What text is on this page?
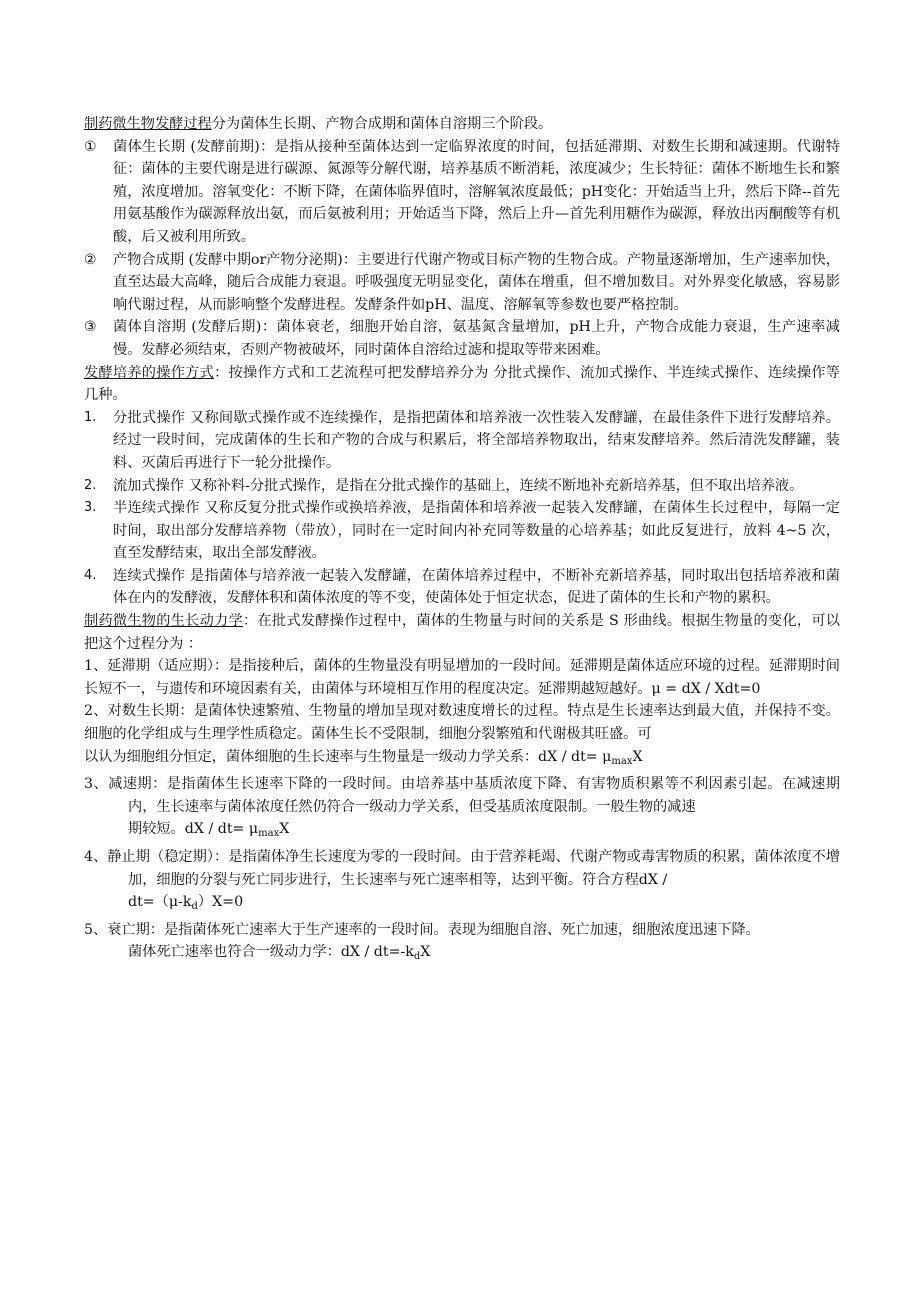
制药微生物发酵过程分为菌体生长期、产物合成期和菌体自溶期三个阶段。

① 菌体生长期 (发酵前期)：是指从接种至菌体达到一定临界浓度的时间，包括延滞期、对数生长期和减速期。代谢特征：菌体的主要代谢是进行碳源、氮源等分解代谢，培养基质不断消耗，浓度减少；生长特征：菌体不断地生长和繁殖，浓度增加。溶氧变化：不断下降，在菌体临界值时，溶解氧浓度最低；pH变化：开始适当上升，然后下降--首先用氨基酸作为碳源释放出氨，而后氨被利用；开始适当下降，然后上升—首先利用糖作为碳源，释放出丙酮酸等有机酸，后又被利用所致。

② 产物合成期 (发酵中期or产物分泌期)：主要进行代谢产物或目标产物的生物合成。产物量逐渐增加，生产速率加快，直至达最大高峰，随后合成能力衰退。呼吸强度无明显变化，菌体在增重，但不增加数目。对外界变化敏感，容易影响代谢过程，从而影响整个发酵进程。发酵条件如pH、温度、溶解氧等参数也要严格控制。

③ 菌体自溶期 (发酵后期)：菌体衰老，细胞开始自溶，氨基氮含量增加，pH上升，产物合成能力衰退，生产速率减慢。发酵必须结束，否则产物被破坏，同时菌体自溶给过滤和提取等带来困难。

发酵培养的操作方式：按操作方式和工艺流程可把发酵培养分为 分批式操作、流加式操作、半连续式操作、连续操作等几种。

1. 分批式操作 又称间歇式操作或不连续操作，是指把菌体和培养液一次性装入发酵罐，在最佳条件下进行发酵培养。经过一段时间，完成菌体的生长和产物的合成与积累后，将全部培养物取出，结束发酵培养。然后清洗发酵罐，装料、灭菌后再进行下一轮分批操作。

2. 流加式操作 又称补料-分批式操作，是指在分批式操作的基础上，连续不断地补充新培养基，但不取出培养液。

3. 半连续式操作 又称反复分批式操作或换培养液，是指菌体和培养液一起装入发酵罐，在菌体生长过程中，每隔一定时间，取出部分发酵培养物（带放），同时在一定时间内补充同等数量的心培养基；如此反复进行，放料 4~5 次，直至发酵结束，取出全部发酵液。

4. 连续式操作 是指菌体与培养液一起装入发酵罐，在菌体培养过程中，不断补充新培养基，同时取出包括培养液和菌体在内的发酵液，发酵体积和菌体浓度的等不变，使菌体处于恒定状态，促进了菌体的生长和产物的累积。

制药微生物的生长动力学：在批式发酵操作过程中，菌体的生物量与时间的关系是 S 形曲线。根据生物量的变化，可以把这个过程分为 ：

1、延滞期（适应期）：是指接种后，菌体的生物量没有明显增加的一段时间。延滞期是菌体适应环境的过程。延滞期时间长短不一，与遗传和环境因素有关，由菌体与环境相互作用的程度决定。延滞期越短越好。μ = dX / Xdt=0

2、对数生长期：是菌体快速繁殖、生物量的增加呈现对数速度增长的过程。特点是生长速率达到最大值，并保持不变。细胞的化学组成与生理学性质稳定。菌体生长不受限制，细胞分裂繁殖和代谢极其旺盛。可

以认为细胞组分恒定，菌体细胞的生长速率与生物量是一级动力学关系：dX / $dt= \mu_{max}X$

3、减速期：是指菌体生长速率下降的一段时间。由培养基中基质浓度下降、有害物质积累等不利因素引起。在减速期内，生长速率与菌体浓度任然仍符合一级动力学关系，但受基质浓度限制。一般生物的减速

期较短。dX / $dt= \mu_{max}X$

4、静止期（稳定期）：是指菌体净生长速度为零的一段时间。由于营养耗竭、代谢产物或毒害物质的积累，菌体浓度不增加，细胞的分裂与死亡同步进行，生长速率与死亡速率相等，达到平衡。符合方程dX /

$dt=(\mu-k_d)X=0$

5、衰亡期：是指菌体死亡速率大于生产速率的一段时间。表现为细胞自溶、死亡加速，细胞浓度迅速下降。

菌体死亡速率也符合一级动力学：dX / $dt=-k_dX$
